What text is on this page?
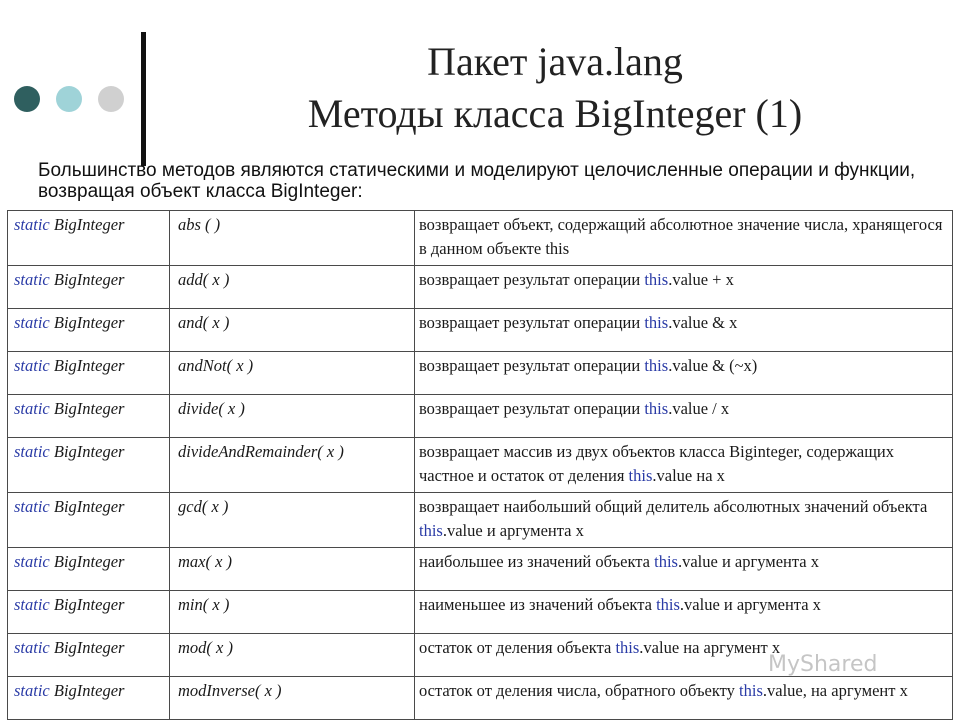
Пакет java.lang
Методы класса BigInteger (1)
Большинство методов являются статическими и моделируют целочисленные операции и функции, возвращая объект класса BigInteger:
static BigInteger	abs ( )	возвращает объект, содержащий абсолютное значение числа, хранящегося в данном объекте this
static BigInteger	add( x )	возвращает результат операции this.value + x
static BigInteger	and( x )	возвращает результат операции this.value & x
static BigInteger	andNot( x )	возвращает результат операции this.value & (~x)
static BigInteger	divide( x )	возвращает результат операции this.value / x
static BigInteger	divideAndRemainder( x )	возвращает массив из двух объектов класса Biginteger, содержащих частное и остаток от деления this.value на x
static BigInteger	gcd( x )	возвращает наибольший общий делитель абсолютных значений объекта this.value и аргумента x
static BigInteger	max( x )	наибольшее из значений объекта this.value и аргумента x
static BigInteger	min( x )	наименьшее из значений объекта this.value и аргумента x
static BigInteger	mod( x )	остаток от деления объекта this.value на аргумент x
static BigInteger	modInverse( x )	остаток от деления числа, обратного объекту this.value, на аргумент x
MyShared
